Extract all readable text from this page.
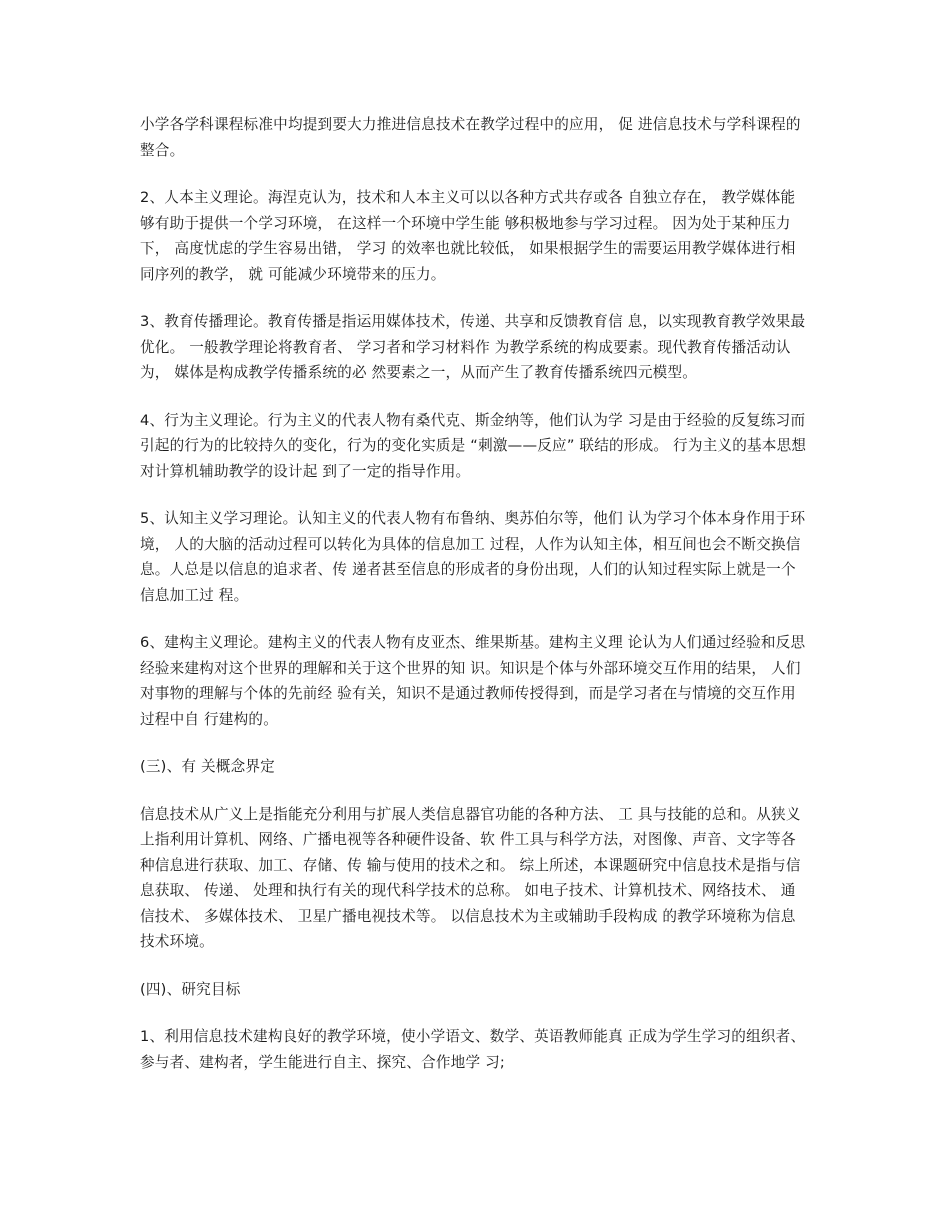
小学各学科课程标准中均提到要大力推进信息技术在教学过程中的应用， 促 进信息技术与学科课程的整合。

2、人本主义理论。海涅克认为，技术和人本主义可以以各种方式共存或各 自独立存在， 教学媒体能够有助于提供一个学习环境， 在这样一个环境中学生能 够积极地参与学习过程。 因为处于某种压力下， 高度忧虑的学生容易出错， 学习 的效率也就比较低， 如果根据学生的需要运用教学媒体进行相同序列的教学， 就 可能减少环境带来的压力。

3、教育传播理论。教育传播是指运用媒体技术，传递、共享和反馈教育信 息，以实现教育教学效果最优化。 一般教学理论将教育者、 学习者和学习材料作 为教学系统的构成要素。现代教育传播活动认为， 媒体是构成教学传播系统的必 然要素之一，从而产生了教育传播系统四元模型。

4、行为主义理论。行为主义的代表人物有桑代克、斯金纳等，他们认为学 习是由于经验的反复练习而引起的行为的比较持久的变化，行为的变化实质是 “刺激——反应” 联结的形成。 行为主义的基本思想对计算机辅助教学的设计起 到了一定的指导作用。

5、认知主义学习理论。认知主义的代表人物有布鲁纳、奥苏伯尔等，他们 认为学习个体本身作用于环境， 人的大脑的活动过程可以转化为具体的信息加工 过程，人作为认知主体，相互间也会不断交换信息。人总是以信息的追求者、传 递者甚至信息的形成者的身份出现，人们的认知过程实际上就是一个信息加工过 程。

6、建构主义理论。建构主义的代表人物有皮亚杰、维果斯基。建构主义理 论认为人们通过经验和反思经验来建构对这个世界的理解和关于这个世界的知 识。知识是个体与外部环境交互作用的结果， 人们对事物的理解与个体的先前经 验有关，知识不是通过教师传授得到，而是学习者在与情境的交互作用过程中自 行建构的。

(三)、有 关概念界定

信息技术从广义上是指能充分利用与扩展人类信息器官功能的各种方法、 工 具与技能的总和。从狭义上指利用计算机、网络、广播电视等各种硬件设备、软 件工具与科学方法，对图像、声音、文字等各种信息进行获取、加工、存储、传 输与使用的技术之和。 综上所述，本课题研究中信息技术是指与信息获取、 传递、 处理和执行有关的现代科学技术的总称。 如电子技术、计算机技术、网络技术、 通信技术、 多媒体技术、 卫星广播电视技术等。 以信息技术为主或辅助手段构成 的教学环境称为信息技术环境。

(四)、研究目标

1、利用信息技术建构良好的教学环境，使小学语文、数学、英语教师能真 正成为学生学习的组织者、参与者、建构者，学生能进行自主、探究、合作地学 习;
